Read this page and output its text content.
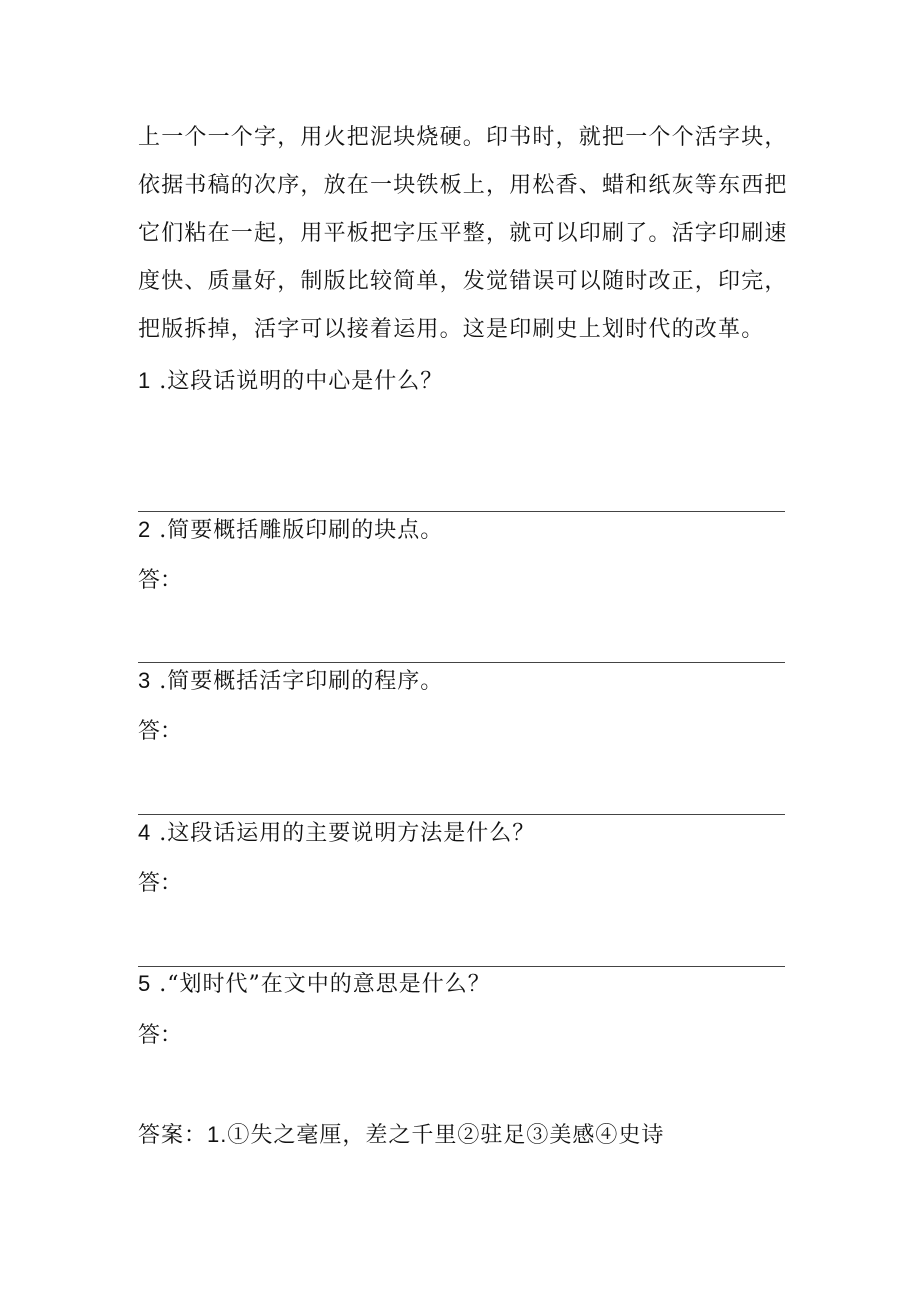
上一个一个字，用火把泥块烧硬。印书时，就把一个个活字块，
依据书稿的次序，放在一块铁板上，用松香、蜡和纸灰等东西把
它们粘在一起，用平板把字压平整，就可以印刷了。活字印刷速
度快、质量好，制版比较简单，发觉错误可以随时改正，印完，
把版拆掉，活字可以接着运用。这是印刷史上划时代的改革。
1 .这段话说明的中心是什么？
2 .简要概括雕版印刷的块点。
答：
3 .简要概括活字印刷的程序。
答：
4 .这段话运用的主要说明方法是什么？
答：
5 .“划时代”在文中的意思是什么？
答：
答案：1.①失之毫厘，差之千里②驻足③美感④史诗
